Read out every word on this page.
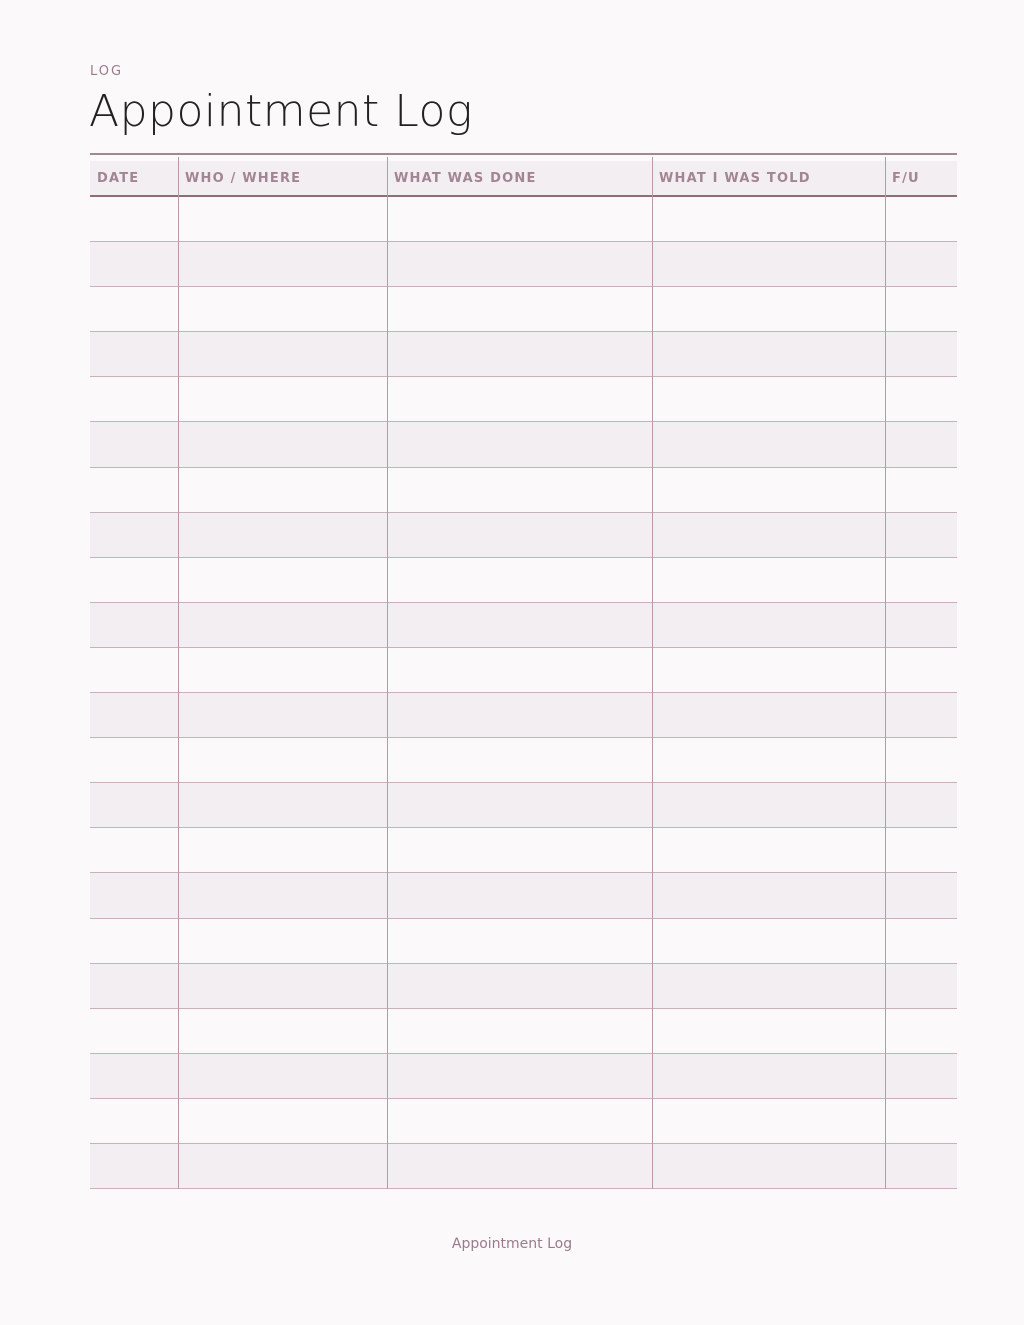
LOG
Appointment Log
DATE	WHO / WHERE	WHAT WAS DONE	WHAT I WAS TOLD	F/U
Appointment Log
